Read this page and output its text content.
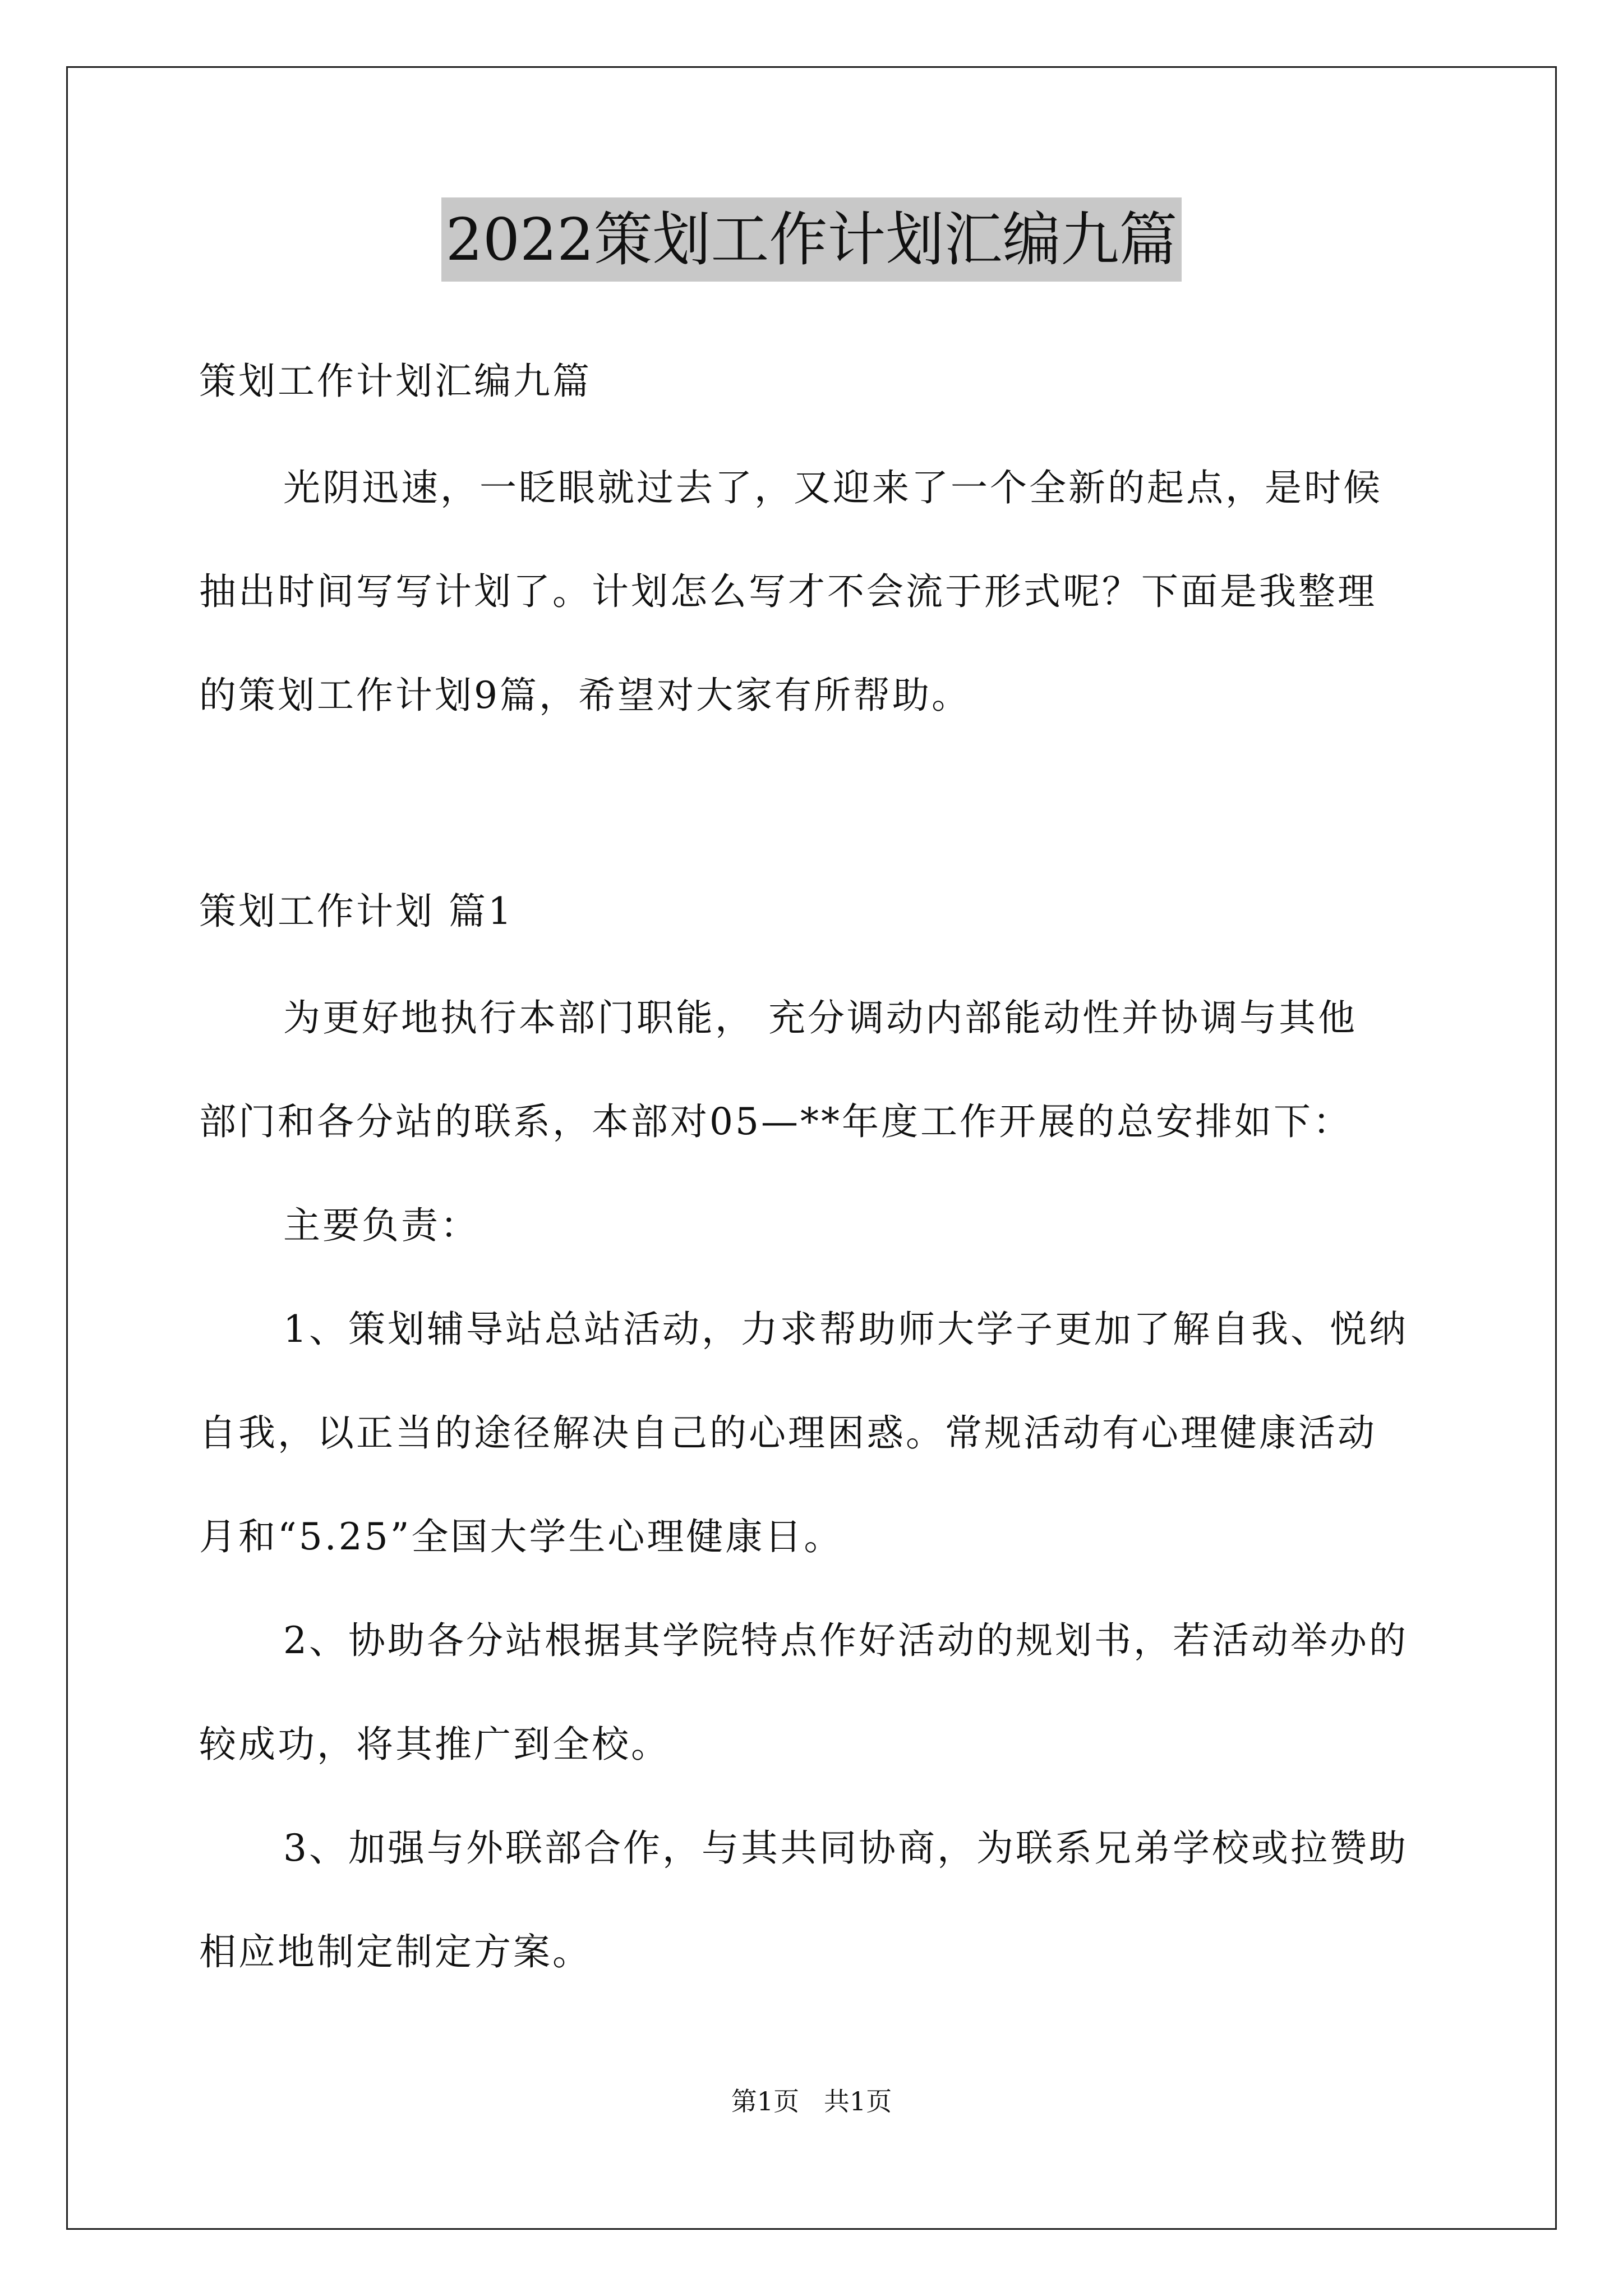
2022策划工作计划汇编九篇
策划工作计划汇编九篇
光阴迅速，一眨眼就过去了，又迎来了一个全新的起点，是时候
抽出时间写写计划了。计划怎么写才不会流于形式呢？下面是我整理
的策划工作计划9篇，希望对大家有所帮助。
策划工作计划 篇1
为更好地执行本部门职能， 充分调动内部能动性并协调与其他
部门和各分站的联系，本部对05—**年度工作开展的总安排如下：
主要负责：
1、策划辅导站总站活动，力求帮助师大学子更加了解自我、悦纳
自我，以正当的途径解决自己的心理困惑。常规活动有心理健康活动
月和“5.25”全国大学生心理健康日。
2、协助各分站根据其学院特点作好活动的规划书，若活动举办的
较成功，将其推广到全校。
3、加强与外联部合作，与其共同协商，为联系兄弟学校或拉赞助
相应地制定制定方案。
第1页   共1页
